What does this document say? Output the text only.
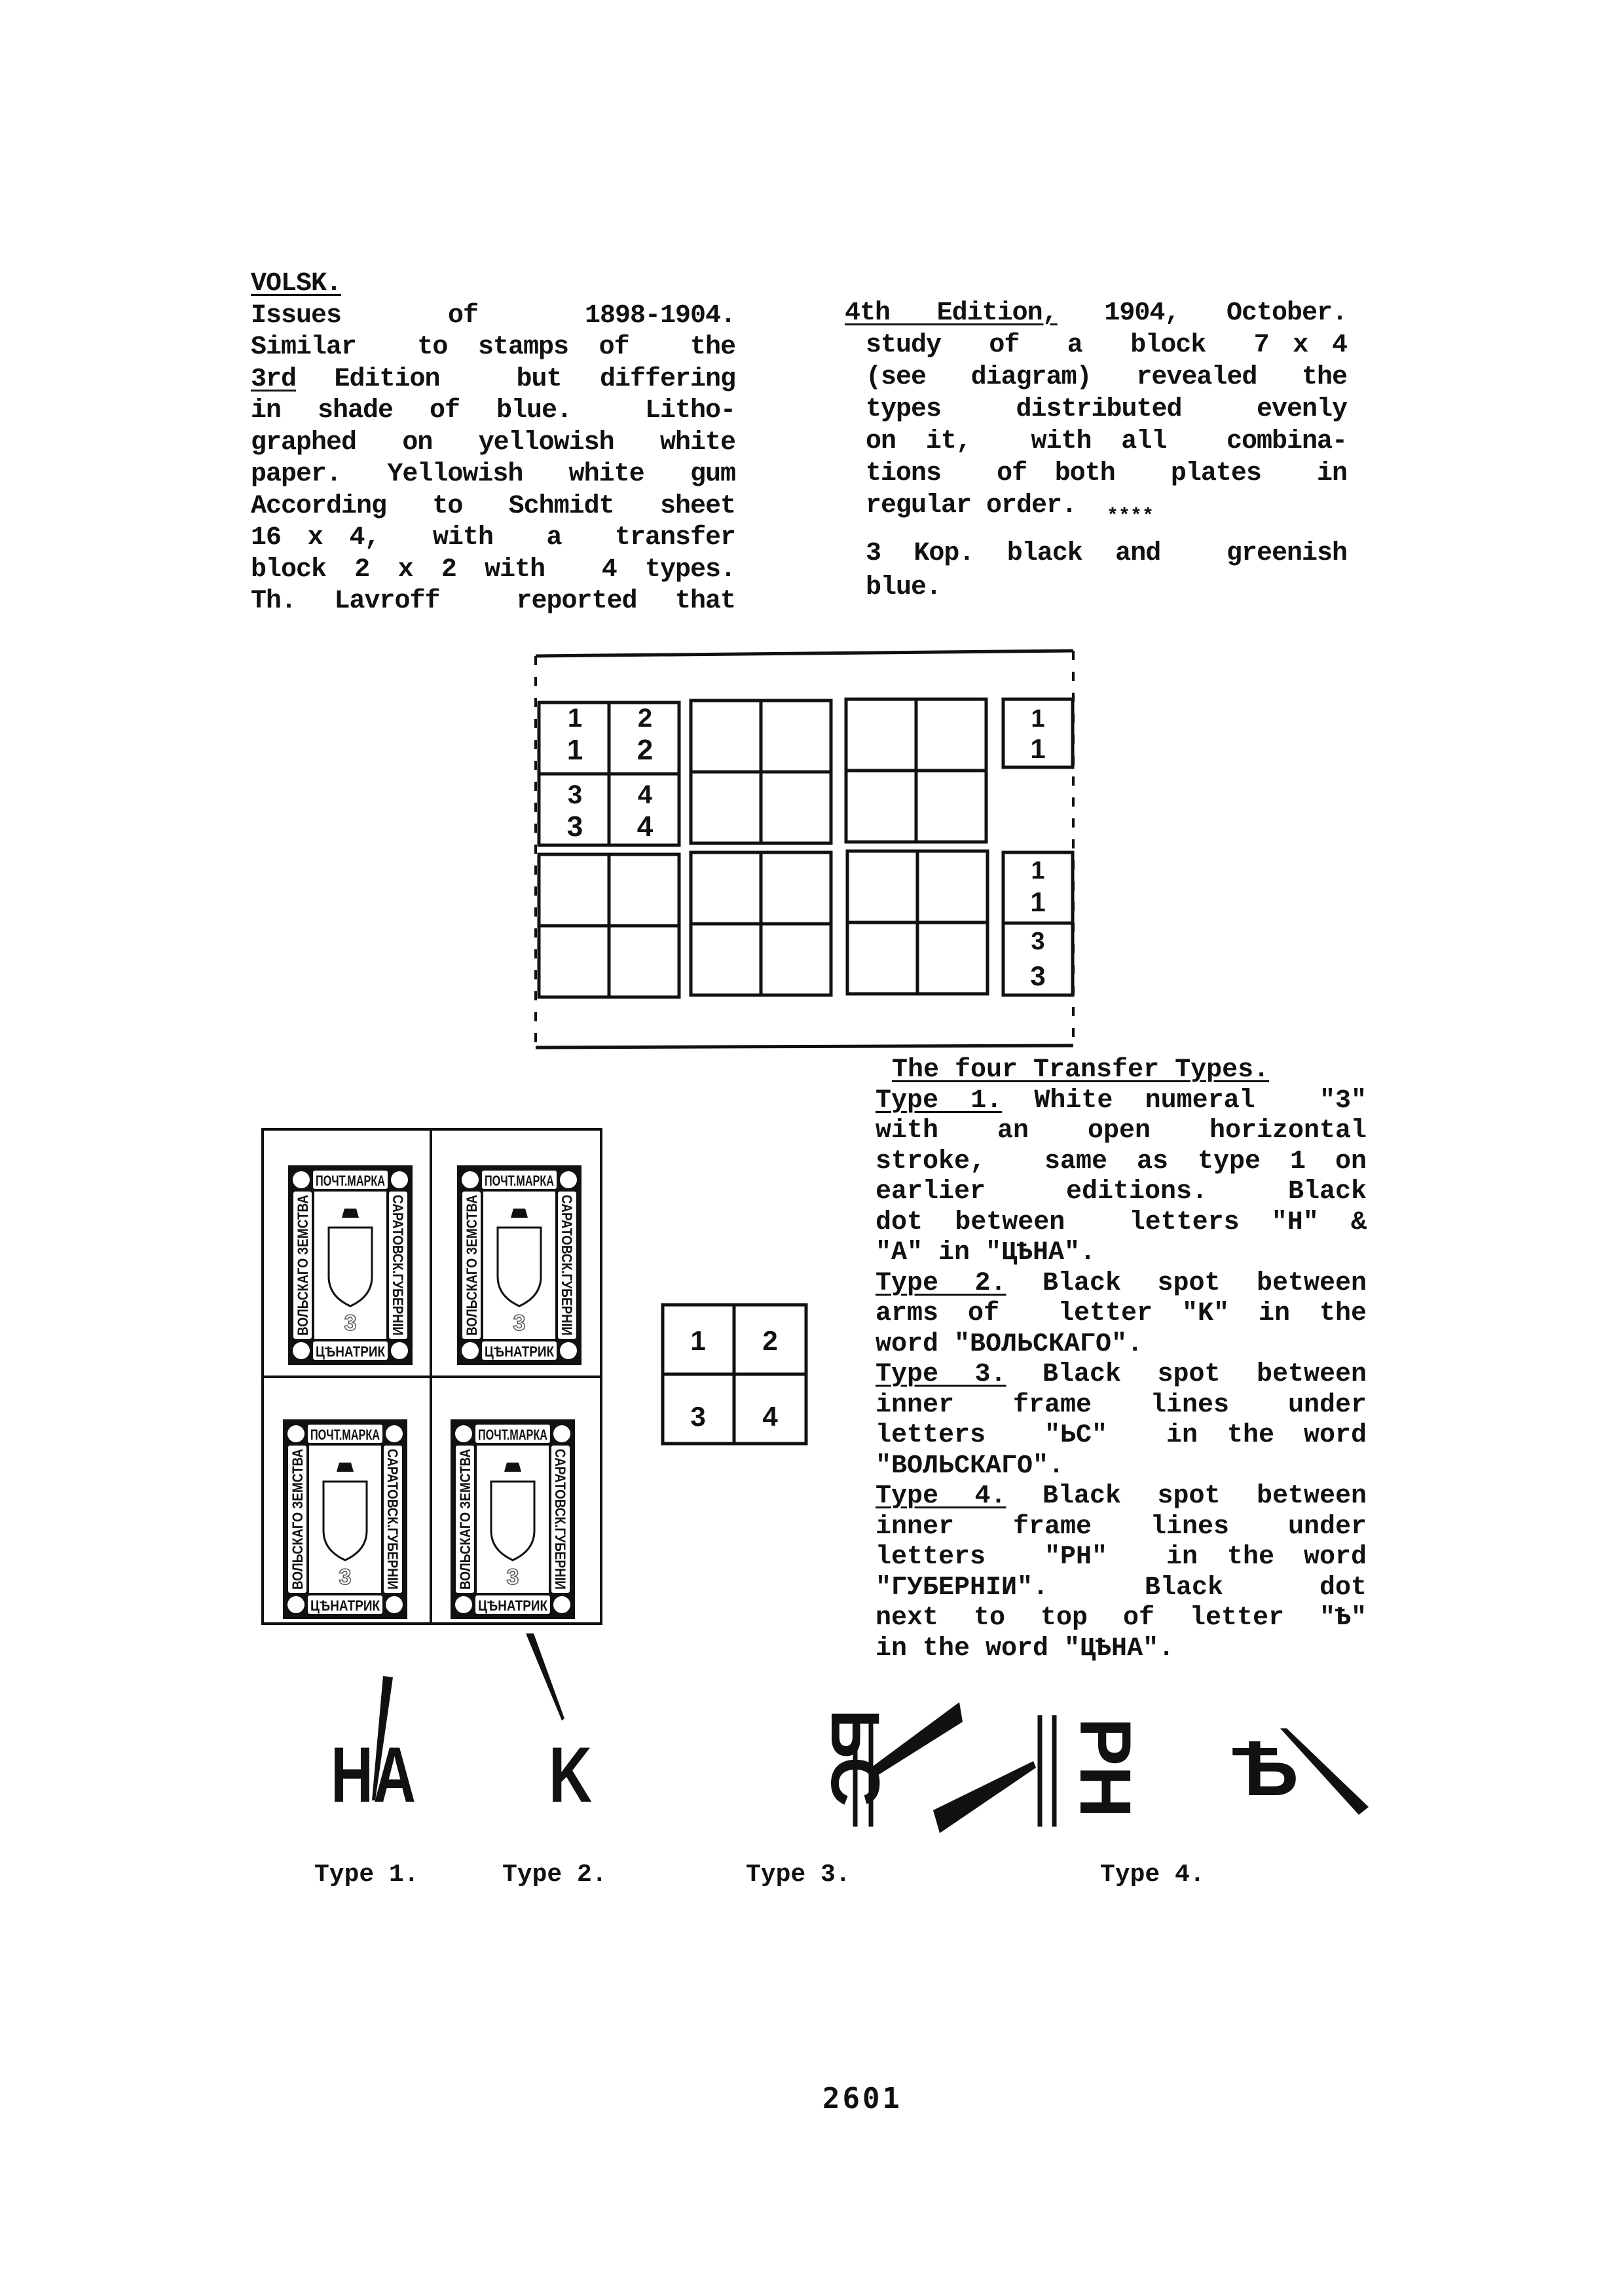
VOLSK.
Issues of 1898-1904.
Similar  to stamps of  the
3rd Edition  but differing
in shade of blue.  Litho-
graphed on yellowish white
paper. Yellowish white gum
According to Schmidt sheet
16 x 4,  with  a  transfer
block 2 x 2 with  4 types.
Th. Lavroff  reported that
4th Edition, 1904, October.
study  of  a  block  7 x 4
(see diagram) revealed the
types  distributed  evenly
on it,  with all  combina-
tions  of both  plates  in
regular order.	****
3 Kop. black and  greenish
blue.
The four Transfer Types.
Type 1. White numeral  "3"
with  an  open  horizontal
stroke,  same as type 1 on
earlier  editions.  Black
dot between  letters "H" &
"A" in "ЦѢHA".
Type 2. Black spot between
arms of  letter "K" in the
word "ВОЛЬСКАГО".
Type 3. Black spot between
inner  frame  lines  under
letters  "ЬС"  in the word
"ВОЛЬСКАГО".
Type 4. Black spot between
inner  frame  lines  under
letters  "PH"  in the word
"ГУБЕРНІИ".  Black  dot
next to top of letter "Ѣ"
in the word "ЦѢHA".
Type 1.	Type 2.	Type 3.	Type 4.
2601
1
1
2
2
3
3
4
4
1
1
1
1
3
3
ПОЧТ.МАРКА
ЦѢНАТРИК
ВОЛЬСКАГО ЗЕМСТВА	САРАТОВСК.ГУБЕРНІИ
3
ПОЧТ.МАРКА
ЦѢНАТРИК
ВОЛЬСКАГО ЗЕМСТВА	САРАТОВСК.ГУБЕРНІИ
3
ПОЧТ.МАРКА
ЦѢНАТРИК
ВОЛЬСКАГО ЗЕМСТВА	САРАТОВСК.ГУБЕРНІИ
3
ПОЧТ.МАРКА
ЦѢНАТРИК
ВОЛЬСКАГО ЗЕМСТВА	САРАТОВСК.ГУБЕРНІИ
3
1 2
3 4
HA K	ЬС PH Ѣ
